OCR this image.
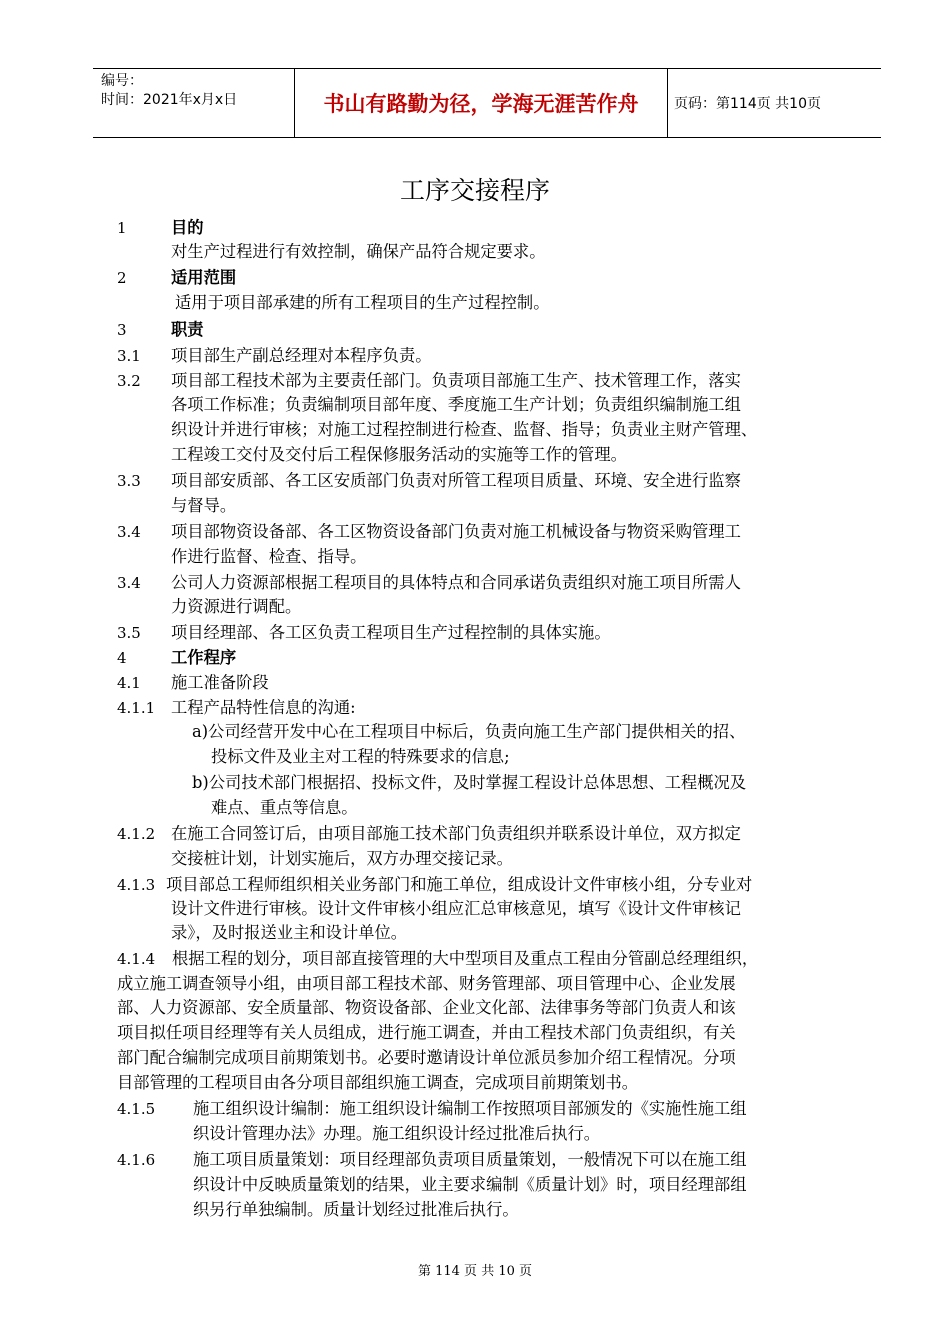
编号：
时间：2021年x月x日	书山有路勤为径，学海无涯苦作舟	页码：第114页 共10页
工序交接程序
1	目的
对生产过程进行有效控制，确保产品符合规定要求。
2	适用范围
适用于项目部承建的所有工程项目的生产过程控制。
3	职责
3.1 项目部生产副总经理对本程序负责。
3.2 项目部工程技术部为主要责任部门。负责项目部施工生产、技术管理工作，落实
各项工作标准；负责编制项目部年度、季度施工生产计划；负责组织编制施工组
织设计并进行审核；对施工过程控制进行检查、监督、指导；负责业主财产管理、
工程竣工交付及交付后工程保修服务活动的实施等工作的管理。
3.3 项目部安质部、各工区安质部门负责对所管工程项目质量、环境、安全进行监察
与督导。
3.4 项目部物资设备部、各工区物资设备部门负责对施工机械设备与物资采购管理工
作进行监督、检查、指导。
3.4 公司人力资源部根据工程项目的具体特点和合同承诺负责组织对施工项目所需人
力资源进行调配。
3.5 项目经理部、各工区负责工程项目生产过程控制的具体实施。
4	工作程序
4.1 施工准备阶段
4.1.1 工程产品特性信息的沟通:
a)公司经营开发中心在工程项目中标后，负责向施工生产部门提供相关的招、
投标文件及业主对工程的特殊要求的信息;
b)公司技术部门根据招、投标文件，及时掌握工程设计总体思想、工程概况及
难点、重点等信息。
4.1.2 在施工合同签订后，由项目部施工技术部门负责组织并联系设计单位，双方拟定
交接桩计划，计划实施后，双方办理交接记录。
4.1.3 项目部总工程师组织相关业务部门和施工单位，组成设计文件审核小组，分专业对
设计文件进行审核。设计文件审核小组应汇总审核意见，填写《设计文件审核记
录》，及时报送业主和设计单位。
4.1.4 根据工程的划分，项目部直接管理的大中型项目及重点工程由分管副总经理组织，
成立施工调查领导小组，由项目部工程技术部、财务管理部、项目管理中心、企业发展
部、人力资源部、安全质量部、物资设备部、企业文化部、法律事务等部门负责人和该
项目拟任项目经理等有关人员组成，进行施工调查，并由工程技术部门负责组织，有关
部门配合编制完成项目前期策划书。必要时邀请设计单位派员参加介绍工程情况。分项
目部管理的工程项目由各分项目部组织施工调查，完成项目前期策划书。
4.1.5 施工组织设计编制：施工组织设计编制工作按照项目部颁发的《实施性施工组
织设计管理办法》办理。施工组织设计经过批准后执行。
4.1.6 施工项目质量策划：项目经理部负责项目质量策划，一般情况下可以在施工组
织设计中反映质量策划的结果，业主要求编制《质量计划》时，项目经理部组
织另行单独编制。质量计划经过批准后执行。
第 114 页 共 10 页
